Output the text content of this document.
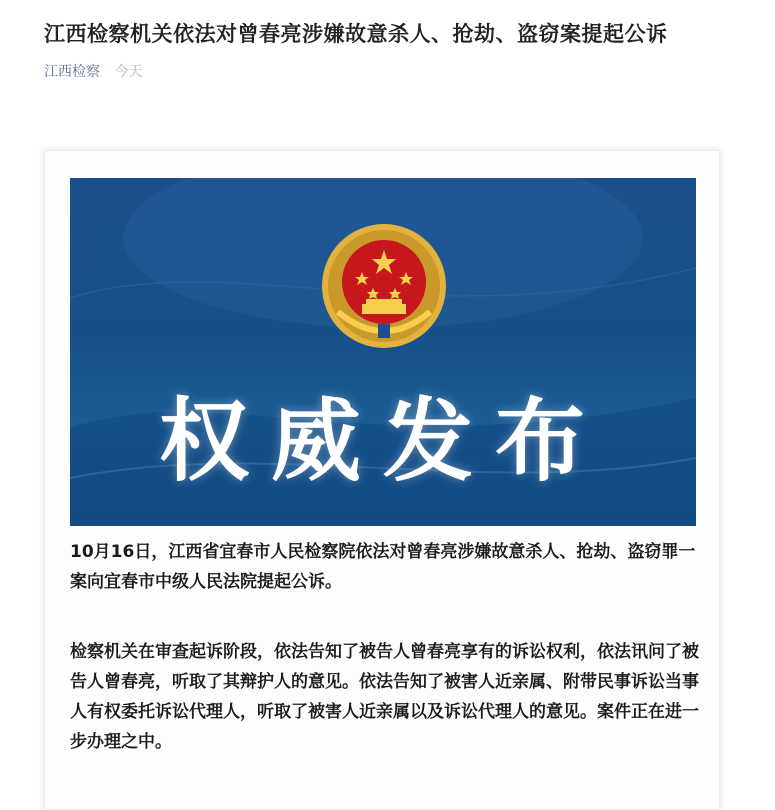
江西检察机关依法对曾春亮涉嫌故意杀人、抢劫、盗窃案提起公诉
江西检察 今天
权威发布
10月16日，江西省宜春市人民检察院依法对曾春亮涉嫌故意杀人、抢劫、盗窃罪一案向宜春市中级人民法院提起公诉。
检察机关在审查起诉阶段，依法告知了被告人曾春亮享有的诉讼权利，依法讯问了被告人曾春亮，听取了其辩护人的意见。依法告知了被害人近亲属、附带民事诉讼当事人有权委托诉讼代理人，听取了被害人近亲属以及诉讼代理人的意见。案件正在进一步办理之中。
